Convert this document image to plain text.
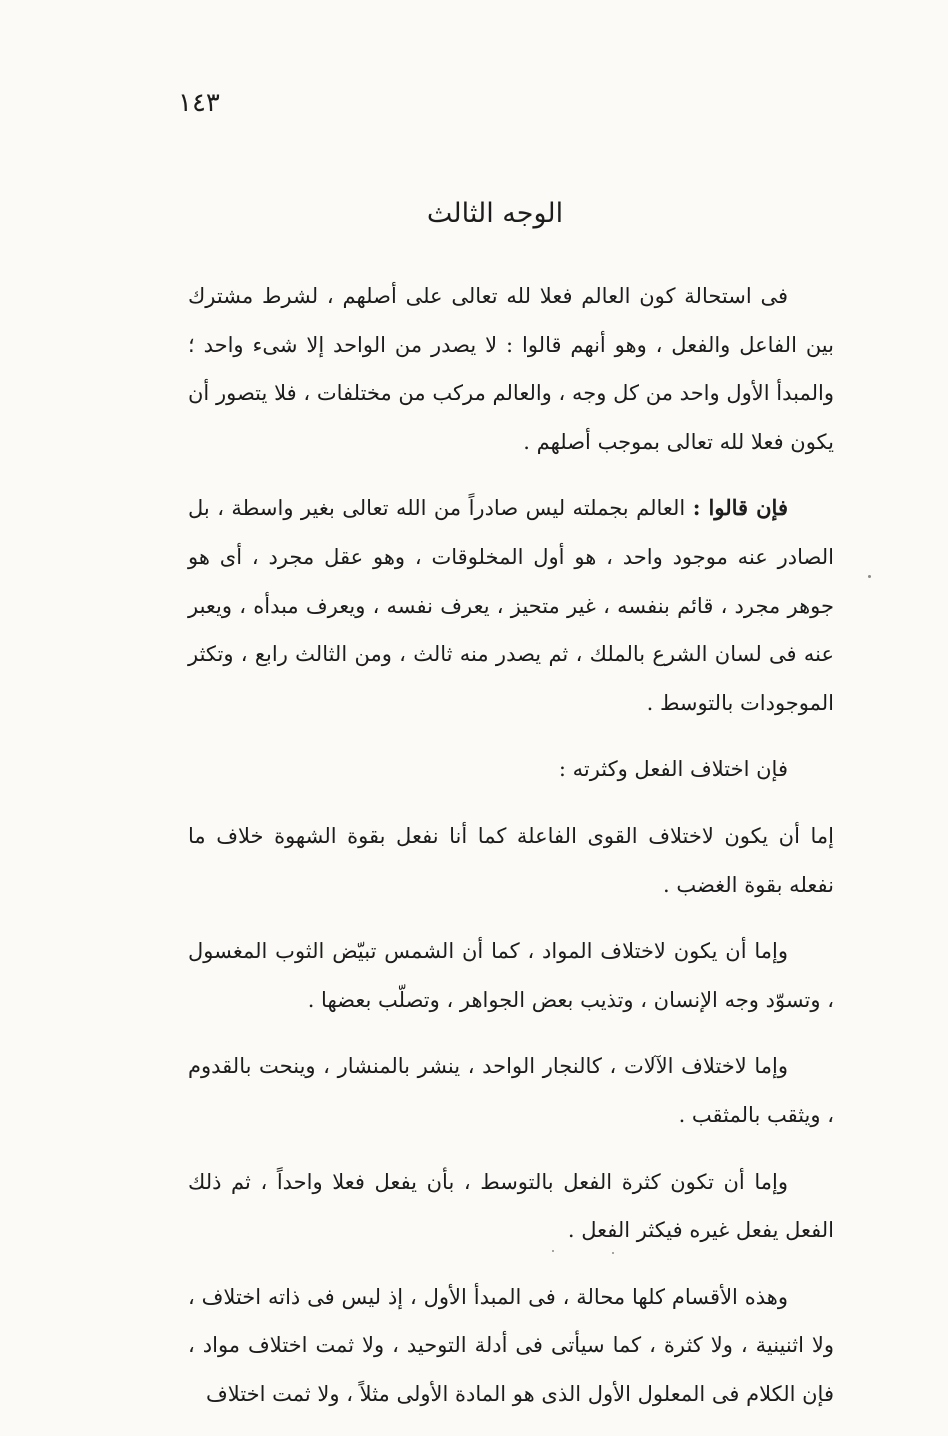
١٤٣
الوجه الثالث

فى استحالة كون العالم فعلا لله تعالى على أصلهم ، لشرط مشترك بين الفاعل والفعل ، وهو أنهم قالوا : لا يصدر من الواحد إلا شىء واحد ؛ والمبدأ الأول واحد من كل وجه ، والعالم مركب من مختلفات ، فلا يتصور أن يكون فعلا لله تعالى بموجب أصلهم .

فإن قالوا : العالم بجملته ليس صادراً من الله تعالى بغير واسطة ، بل الصادر عنه موجود واحد ، هو أول المخلوقات ، وهو عقل مجرد ، أى هو جوهر مجرد ، قائم بنفسه ، غير متحيز ، يعرف نفسه ، ويعرف مبدأه ، ويعبر عنه فى لسان الشرع بالملك ، ثم يصدر منه ثالث ، ومن الثالث رابع ، وتكثر الموجودات بالتوسط .

فإن اختلاف الفعل وكثرته :

إما أن يكون لاختلاف القوى الفاعلة كما أنا نفعل بقوة الشهوة خلاف ما نفعله بقوة الغضب .

وإما أن يكون لاختلاف المواد ، كما أن الشمس تبيّض الثوب المغسول ، وتسوّد وجه الإنسان ، وتذيب بعض الجواهر ، وتصلّب بعضها .

وإما لاختلاف الآلات ، كالنجار الواحد ، ينشر بالمنشار ، وينحت بالقدوم ، ويثقب بالمثقب .

وإما أن تكون كثرة الفعل بالتوسط ، بأن يفعل فعلا واحداً ، ثم ذلك الفعل يفعل غيره فيكثر الفعل .

وهذه الأقسام كلها محالة ، فى المبدأ الأول ، إذ ليس فى ذاته اختلاف ، ولا اثنينية ، ولا كثرة ، كما سيأتى فى أدلة التوحيد ، ولا ثمت اختلاف مواد ، فإن الكلام فى المعلول الأول الذى هو المادة الأولى مثلاً ، ولا ثمت اختلاف
